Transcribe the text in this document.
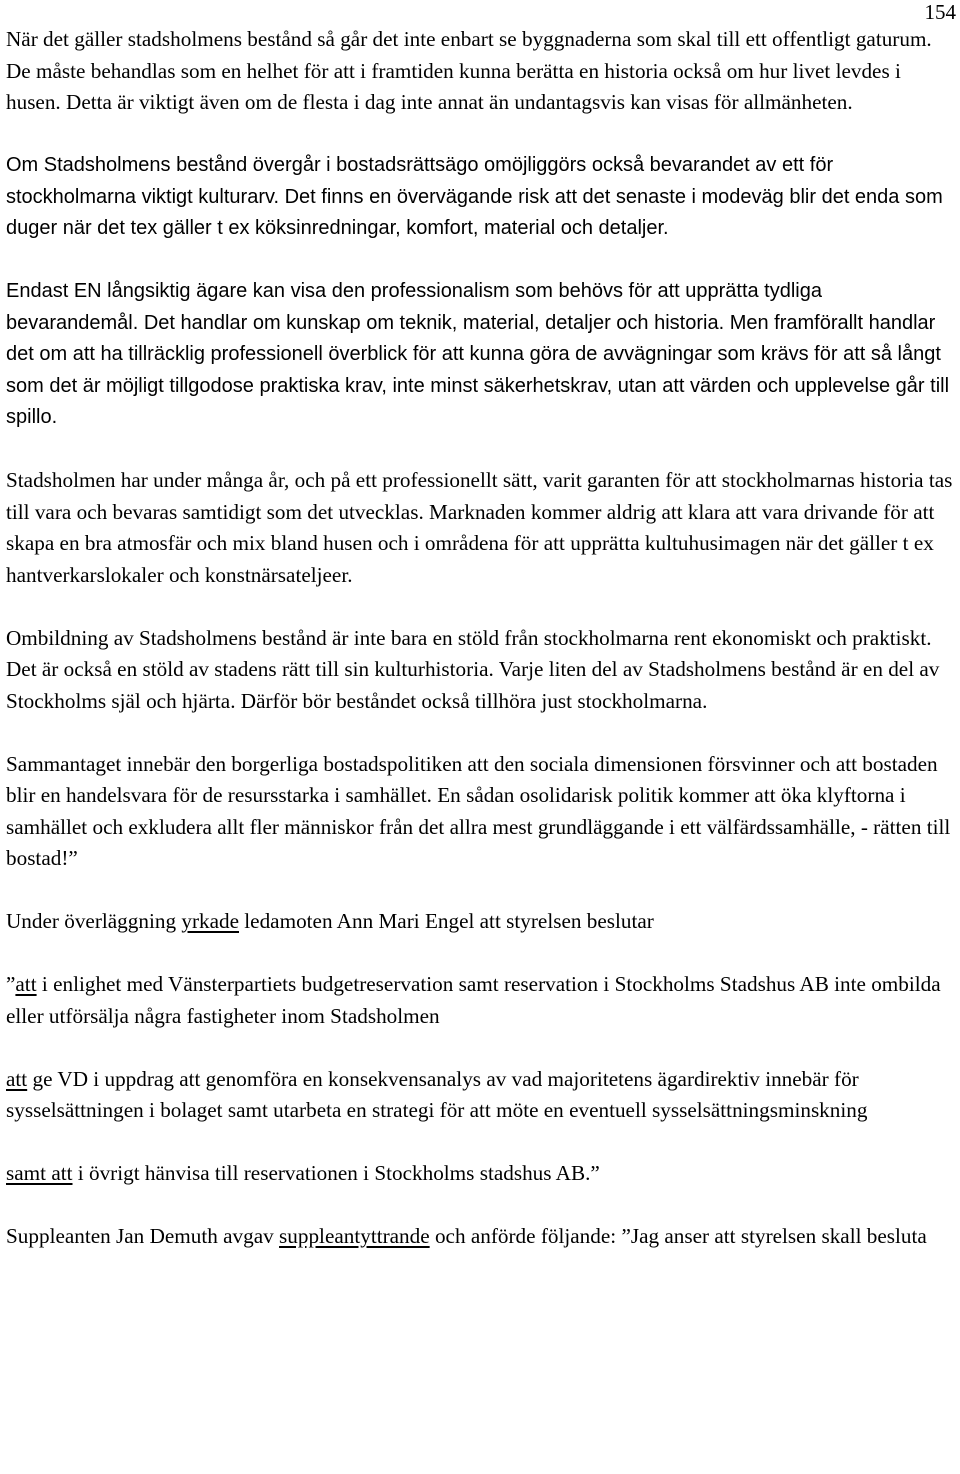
154

När det gäller stadsholmens bestånd så går det inte enbart se byggnaderna som skal till ett offentligt gaturum. De måste behandlas som en helhet för att i framtiden kunna berätta en historia också om hur livet levdes i husen. Detta är viktigt även om de flesta i dag inte annat än undantagsvis kan visas för allmänheten.

Om Stadsholmens bestånd övergår i bostadsrättsägo omöjliggörs också bevarandet av ett för stockholmarna viktigt kulturarv. Det finns en övervägande risk att det senaste i modeväg blir det enda som duger när det tex gäller t ex köksinredningar, komfort, material och detaljer.

Endast EN långsiktig ägare kan visa den professionalism som behövs för att upprätta tydliga bevarandemål. Det handlar om kunskap om teknik, material, detaljer och historia. Men framförallt handlar det om att ha tillräcklig professionell överblick för att kunna göra de avvägningar som krävs för att så långt som det är möjligt tillgodose praktiska krav, inte minst säkerhetskrav, utan att värden och upplevelse går till spillo.

Stadsholmen har under många år, och på ett professionellt sätt, varit garanten för att stockholmarnas historia tas till vara och bevaras samtidigt som det utvecklas. Marknaden kommer aldrig att klara att vara drivande för att skapa en bra atmosfär och mix bland husen och i områdena för att upprätta kultuhusimagen när det gäller t ex hantverkarslokaler och konstnärsateljeer.

Ombildning av Stadsholmens bestånd är inte bara en stöld från stockholmarna rent ekonomiskt och praktiskt. Det är också en stöld av stadens rätt till sin kulturhistoria. Varje liten del av Stadsholmens bestånd är en del av Stockholms själ och hjärta. Därför bör beståndet också tillhöra just stockholmarna.

Sammantaget innebär den borgerliga bostadspolitiken att den sociala dimensionen försvinner och att bostaden blir en handelsvara för de resursstarka i samhället. En sådan osolidarisk politik kommer att öka klyftorna i samhället och exkludera allt fler människor från det allra mest grundläggande i ett välfärdssamhälle, - rätten till bostad!”

Under överläggning yrkade ledamoten Ann Mari Engel att styrelsen beslutar

”att i enlighet med Vänsterpartiets budgetreservation samt reservation i Stockholms Stadshus AB inte ombilda eller utförsälja några fastigheter inom Stadsholmen

att ge VD i uppdrag att genomföra en konsekvensanalys av vad majoritetens ägardirektiv innebär för sysselsättningen i bolaget samt utarbeta en strategi för att möte en eventuell sysselsättningsminskning

samt att i övrigt hänvisa till reservationen i Stockholms stadshus AB.”

Suppleanten Jan Demuth avgav suppleantyttrande och anförde följande: ”Jag anser att styrelsen skall besluta
